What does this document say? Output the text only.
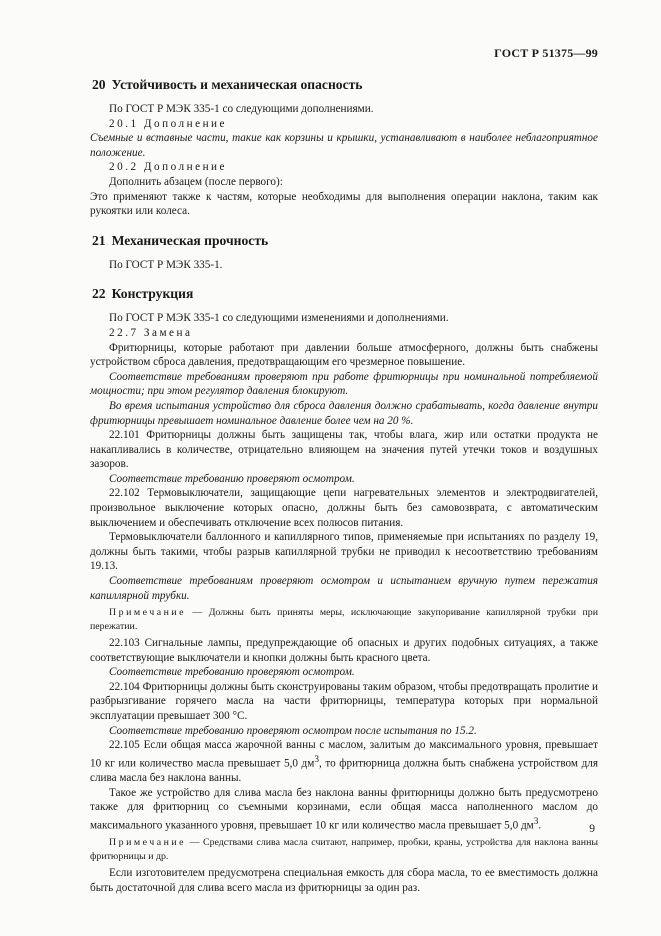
ГОСТ Р 51375—99
20 Устойчивость и механическая опасность

По ГОСТ Р МЭК 335-1 со следующими дополнениями.

20.1 Дополнение

Съемные и вставные части, такие как корзины и крышки, устанавливают в наиболее неблагоприятное положение.

20.2 Дополнение

Дополнить абзацем (после первого):

Это применяют также к частям, которые необходимы для выполнения операции наклона, таким как рукоятки или колеса.

21 Механическая прочность

По ГОСТ Р МЭК 335-1.

22 Конструкция

По ГОСТ Р МЭК 335-1 со следующими изменениями и дополнениями.

22.7 Замена

Фритюрницы, которые работают при давлении больше атмосферного, должны быть снабжены устройством сброса давления, предотвращающим его чрезмерное повышение.

Соответствие требованиям проверяют при работе фритюрницы при номинальной потребляемой мощности; при этом регулятор давления блокируют.

Во время испытания устройство для сброса давления должно срабатывать, когда давление внутри фритюрницы превышает номинальное давление более чем на 20 %.

22.101 Фритюрницы должны быть защищены так, чтобы влага, жир или остатки продукта не накапливались в количестве, отрицательно влияющем на значения путей утечки токов и воздушных зазоров.

Соответствие требованию проверяют осмотром.

22.102 Термовыключатели, защищающие цепи нагревательных элементов и электродвигателей, произвольное выключение которых опасно, должны быть без самовозврата, с автоматическим выключением и обеспечивать отключение всех полюсов питания.

Термовыключатели баллонного и капиллярного типов, применяемые при испытаниях по разделу 19, должны быть такими, чтобы разрыв капиллярной трубки не приводил к несоответствию требованиям 19.13.

Соответствие требованиям проверяют осмотром и испытанием вручную путем пережатия капиллярной трубки.

Примечание — Должны быть приняты меры, исключающие закупоривание капиллярной трубки при пережатии.

22.103 Сигнальные лампы, предупреждающие об опасных и других подобных ситуациях, а также соответствующие выключатели и кнопки должны быть красного цвета.

Соответствие требованию проверяют осмотром.

22.104 Фритюрницы должны быть сконструированы таким образом, чтобы предотвращать пролитие и разбрызгивание горячего масла на части фритюрницы, температура которых при нормальной эксплуатации превышает 300 °С.

Соответствие требованию проверяют осмотром после испытания по 15.2.

22.105 Если общая масса жарочной ванны с маслом, залитым до максимального уровня, превышает 10 кг или количество масла превышает 5,0 $дм^3$, то фритюрница должна быть снабжена устройством для слива масла без наклона ванны.

Такое же устройство для слива масла без наклона ванны фритюрницы должно быть предусмотрено также для фритюрниц со съемными корзинами, если общая масса наполненного маслом до максимального указанного уровня, превышает 10 кг или количество масла превышает 5,0 $дм^3$.

Примечание — Средствами слива масла считают, например, пробки, краны, устройства для наклона ванны фритюрницы и др.

Если изготовителем предусмотрена специальная емкость для сбора масла, то ее вместимость должна быть достаточной для слива всего масла из фритюрницы за один раз.

9
